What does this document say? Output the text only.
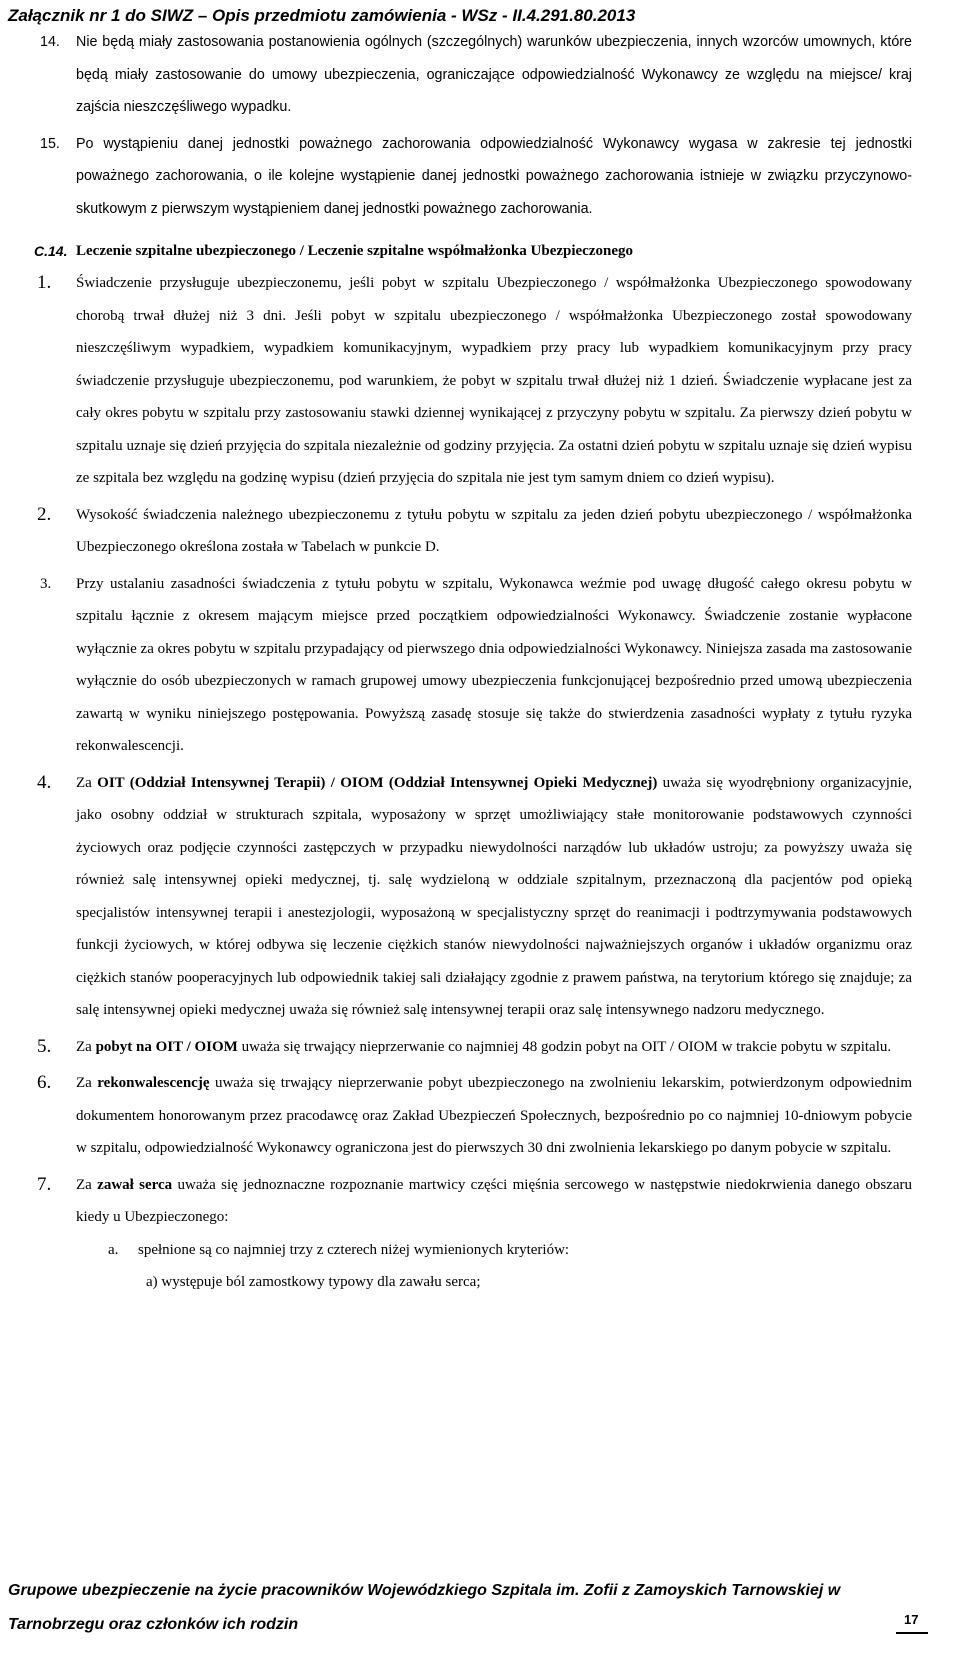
Załącznik nr 1 do SIWZ – Opis przedmiotu zamówienia - WSz - II.4.291.80.2013
14. Nie będą miały zastosowania postanowienia ogólnych (szczególnych) warunków ubezpieczenia, innych wzorców umownych, które będą miały zastosowanie do umowy ubezpieczenia, ograniczające odpowiedzialność Wykonawcy ze względu na miejsce/ kraj zajścia nieszczęśliwego wypadku.
15. Po wystąpieniu danej jednostki poważnego zachorowania odpowiedzialność Wykonawcy wygasa w zakresie tej jednostki poważnego zachorowania, o ile kolejne wystąpienie danej jednostki poważnego zachorowania istnieje w związku przyczynowo-skutkowym z pierwszym wystąpieniem danej jednostki poważnego zachorowania.
C.14. Leczenie szpitalne ubezpieczonego / Leczenie szpitalne współmałżonka Ubezpieczonego
1. Świadczenie przysługuje ubezpieczonemu, jeśli pobyt w szpitalu Ubezpieczonego / współmałżonka Ubezpieczonego spowodowany chorobą trwał dłużej niż 3 dni. Jeśli pobyt w szpitalu ubezpieczonego / współmałżonka Ubezpieczonego został spowodowany nieszczęśliwym wypadkiem, wypadkiem komunikacyjnym, wypadkiem przy pracy lub wypadkiem komunikacyjnym przy pracy świadczenie przysługuje ubezpieczonemu, pod warunkiem, że pobyt w szpitalu trwał dłużej niż 1 dzień. Świadczenie wypłacane jest za cały okres pobytu w szpitalu przy zastosowaniu stawki dziennej wynikającej z przyczyny pobytu w szpitalu. Za pierwszy dzień pobytu w szpitalu uznaje się dzień przyjęcia do szpitala niezależnie od godziny przyjęcia. Za ostatni dzień pobytu w szpitalu uznaje się dzień wypisu ze szpitala bez względu na godzinę wypisu (dzień przyjęcia do szpitala nie jest tym samym dniem co dzień wypisu).
2. Wysokość świadczenia należnego ubezpieczonemu z tytułu pobytu w szpitalu za jeden dzień pobytu ubezpieczonego / współmałżonka Ubezpieczonego określona została w Tabelach w punkcie D.
3. Przy ustalaniu zasadności świadczenia z tytułu pobytu w szpitalu, Wykonawca weźmie pod uwagę długość całego okresu pobytu w szpitalu łącznie z okresem mającym miejsce przed początkiem odpowiedzialności Wykonawcy. Świadczenie zostanie wypłacone wyłącznie za okres pobytu w szpitalu przypadający od pierwszego dnia odpowiedzialności Wykonawcy. Niniejsza zasada ma zastosowanie wyłącznie do osób ubezpieczonych w ramach grupowej umowy ubezpieczenia funkcjonującej bezpośrednio przed umową ubezpieczenia zawartą w wyniku niniejszego postępowania. Powyższą zasadę stosuje się także do stwierdzenia zasadności wypłaty z tytułu ryzyka rekonwalescencji.
4. Za OIT (Oddział Intensywnej Terapii) / OIOM (Oddział Intensywnej Opieki Medycznej) uważa się wyodrębniony organizacyjnie, jako osobny oddział w strukturach szpitala, wyposażony w sprzęt umożliwiający stałe monitorowanie podstawowych czynności życiowych oraz podjęcie czynności zastępczych w przypadku niewydolności narządów lub układów ustroju; za powyższy uważa się również salę intensywnej opieki medycznej, tj. salę wydzieloną w oddziale szpitalnym, przeznaczoną dla pacjentów pod opieką specjalistów intensywnej terapii i anestezjologii, wyposażoną w specjalistyczny sprzęt do reanimacji i podtrzymywania podstawowych funkcji życiowych, w której odbywa się leczenie ciężkich stanów niewydolności najważniejszych organów i układów organizmu oraz ciężkich stanów pooperacyjnych lub odpowiednik takiej sali działający zgodnie z prawem państwa, na terytorium którego się znajduje; za salę intensywnej opieki medycznej uważa się również salę intensywnej terapii oraz salę intensywnego nadzoru medycznego.
5. Za pobyt na OIT / OIOM uważa się trwający nieprzerwanie co najmniej 48 godzin pobyt na OIT / OIOM w trakcie pobytu w szpitalu.
6. Za rekonwalescencję uważa się trwający nieprzerwanie pobyt ubezpieczonego na zwolnieniu lekarskim, potwierdzonym odpowiednim dokumentem honorowanym przez pracodawcę oraz Zakład Ubezpieczeń Społecznych, bezpośrednio po co najmniej 10-dniowym pobycie w szpitalu, odpowiedzialność Wykonawcy ograniczona jest do pierwszych 30 dni zwolnienia lekarskiego po danym pobycie w szpitalu.
7. Za zawał serca uważa się jednoznaczne rozpoznanie martwicy części mięśnia sercowego w następstwie niedokrwienia danego obszaru kiedy u Ubezpieczonego:
a. spełnione są co najmniej trzy z czterech niżej wymienionych kryteriów:
a) występuje ból zamostkowy typowy dla zawału serca;
Grupowe ubezpieczenie na życie pracowników Wojewódzkiego Szpitala im. Zofii z Zamoyskich Tarnowskiej w
Tarnobrzegu oraz członków ich rodzin	17
